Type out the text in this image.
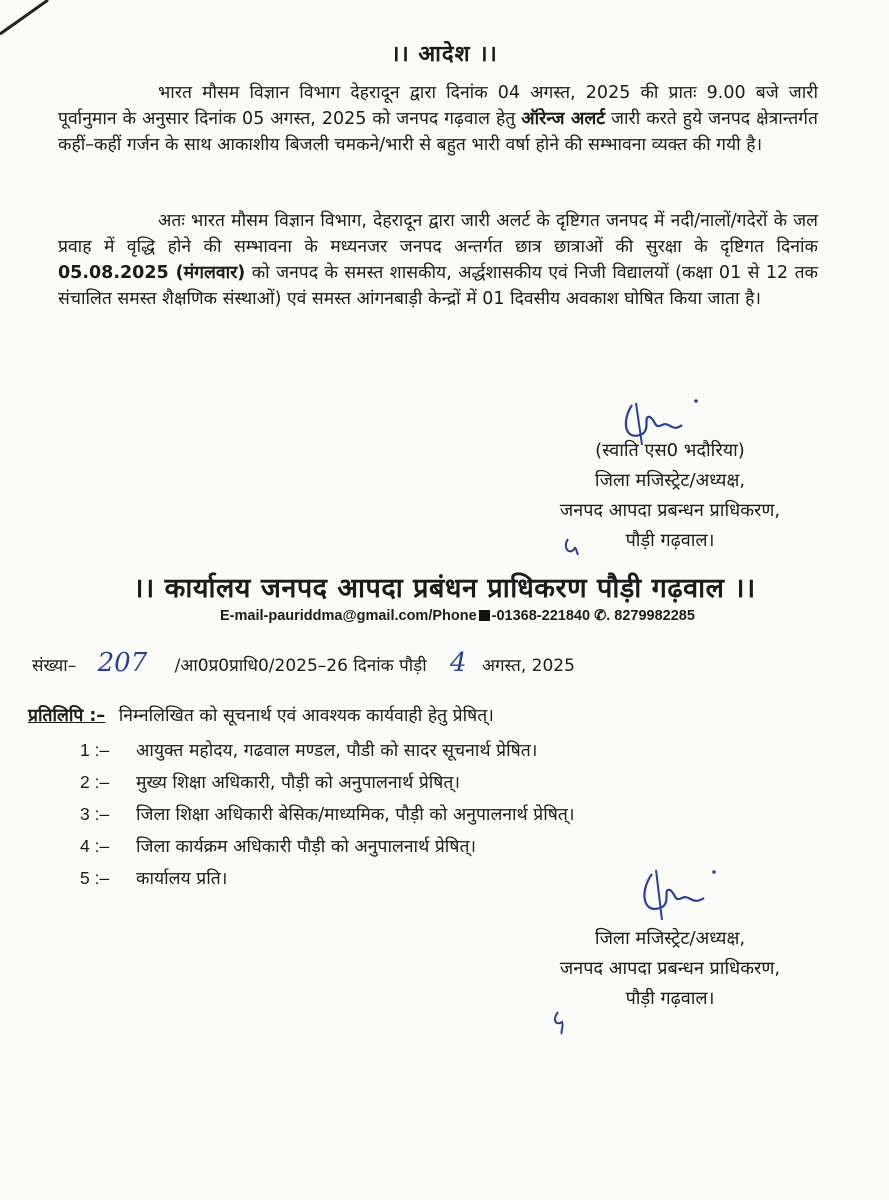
।। आदेश ।।

भारत मौसम विज्ञान विभाग देहरादून द्वारा दिनांक 04 अगस्त, 2025 की प्रातः 9.00 बजे जारी पूर्वानुमान के अनुसार दिनांक 05 अगस्त, 2025 को जनपद गढ़वाल हेतु ऑरेन्ज अलर्ट जारी करते हुये जनपद क्षेत्रान्तर्गत कहीं–कहीं गर्जन के साथ आकाशीय बिजली चमकने/भारी से बहुत भारी वर्षा होने की सम्भावना व्यक्त की गयी है।

अतः भारत मौसम विज्ञान विभाग, देहरादून द्वारा जारी अलर्ट के दृष्टिगत जनपद में नदी/नालों/गदेरों के जल प्रवाह में वृद्धि होने की सम्भावना के मध्यनजर जनपद अन्तर्गत छात्र छात्राओं की सुरक्षा के दृष्टिगत दिनांक 05.08.2025 (मंगलवार) को जनपद के समस्त शासकीय, अर्द्धशासकीय एवं निजी विद्यालयों (कक्षा 01 से 12 तक संचालित समस्त शैक्षणिक संस्थाओं) एवं समस्त आंगनबाड़ी केन्द्रों में 01 दिवसीय अवकाश घोषित किया जाता है।

(स्वाति एस0 भदौरिया)
जिला मजिस्ट्रेट/अध्यक्ष,
जनपद आपदा प्रबन्धन प्राधिकरण,
पौड़ी गढ़वाल।
।। कार्यालय जनपद आपदा प्रबंधन प्राधिकरण पौड़ी गढ़वाल ।।
E-mail-pauriddma@gmail.com/Phone -01368-221840 ✆. 8279982285
संख्या– 207 /आ0प्र0प्राधि0/2025–26 दिनांक पौड़ी 4 अगस्त, 2025
प्रतिलिपि :– निम्नलिखित को सूचनार्थ एवं आवश्यक कार्यवाही हेतु प्रेषित्।
1 :– आयुक्त महोदय, गढवाल मण्डल, पौडी को सादर सूचनार्थ प्रेषित।
2 :– मुख्य शिक्षा अधिकारी, पौड़ी को अनुपालनार्थ प्रेषित्।
3 :– जिला शिक्षा अधिकारी बेसिक/माध्यमिक, पौड़ी को अनुपालनार्थ प्रेषित्।
4 :– जिला कार्यक्रम अधिकारी पौड़ी को अनुपालनार्थ प्रेषित्।
5 :– कार्यालय प्रति।
जिला मजिस्ट्रेट/अध्यक्ष,
जनपद आपदा प्रबन्धन प्राधिकरण,
पौड़ी गढ़वाल।
